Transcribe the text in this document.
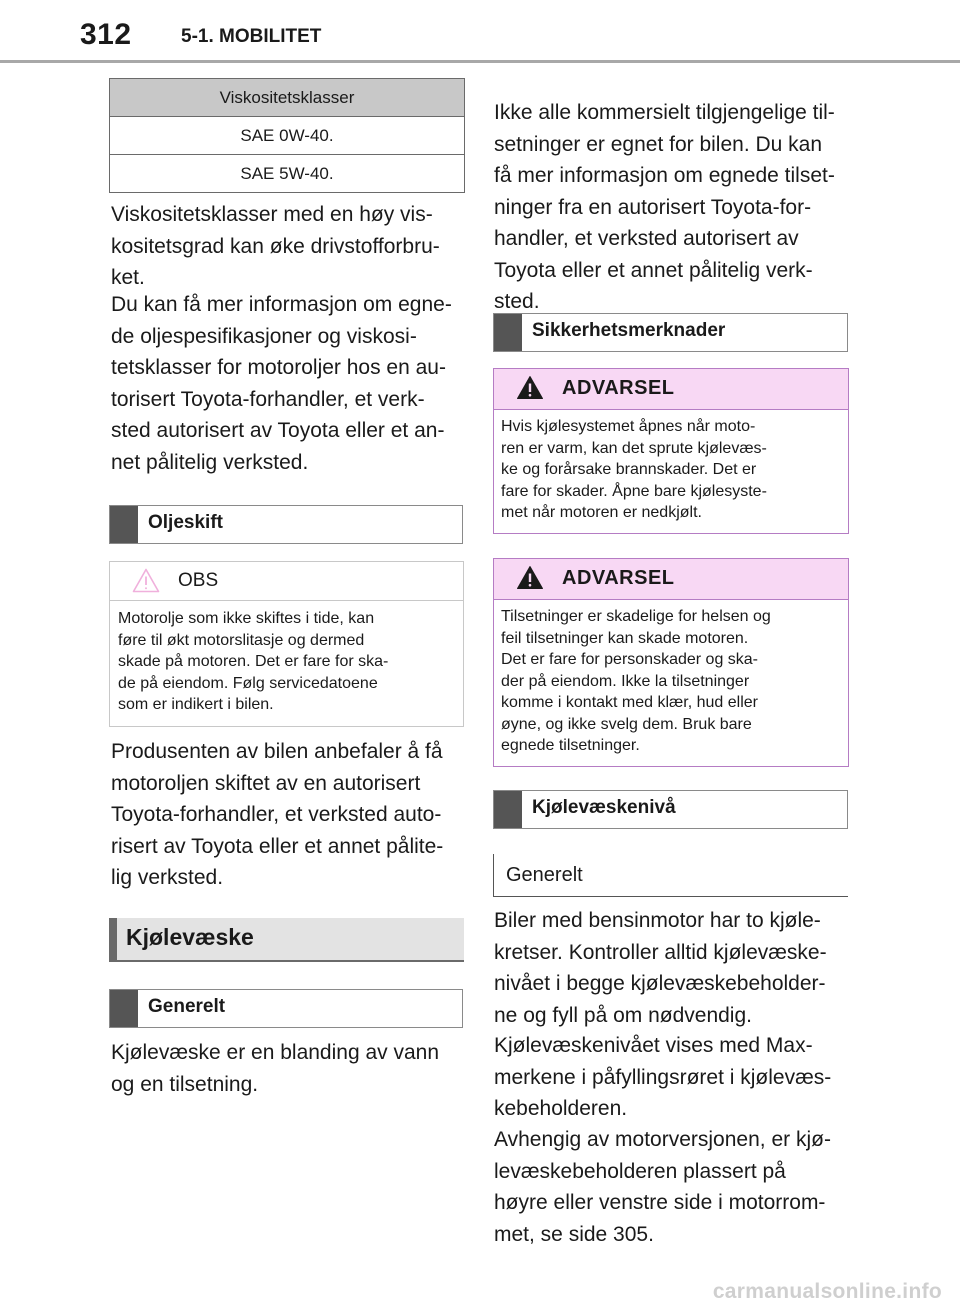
312	5-1. MOBILITET
Viskositetsklasser
SAE 0W-40.
SAE 5W-40.
Viskositetsklasser med en høy vis-
kositetsgrad kan øke drivstofforbru-
ket.
Du kan få mer informasjon om egne-
de oljespesifikasjoner og viskosi-
tetsklasser for motoroljer hos en au-
torisert Toyota-forhandler, et verk-
sted autorisert av Toyota eller et an-
net pålitelig verksted.
Oljeskift
OBS
Motorolje som ikke skiftes i tide, kan
føre til økt motorslitasje og dermed
skade på motoren. Det er fare for ska-
de på eiendom. Følg servicedatoene
som er indikert i bilen.
Produsenten av bilen anbefaler å få
motoroljen skiftet av en autorisert
Toyota-forhandler, et verksted auto-
risert av Toyota eller et annet pålite-
lig verksted.
Kjølevæske
Generelt
Kjølevæske er en blanding av vann
og en tilsetning.
Ikke alle kommersielt tilgjengelige til-
setninger er egnet for bilen. Du kan
få mer informasjon om egnede tilset-
ninger fra en autorisert Toyota-for-
handler, et verksted autorisert av
Toyota eller et annet pålitelig verk-
sted.
Sikkerhetsmerknader
ADVARSEL
Hvis kjølesystemet åpnes når moto-
ren er varm, kan det sprute kjølevæs-
ke og forårsake brannskader. Det er
fare for skader. Åpne bare kjølesyste-
met når motoren er nedkjølt.
ADVARSEL
Tilsetninger er skadelige for helsen og
feil tilsetninger kan skade motoren.
Det er fare for personskader og ska-
der på eiendom. Ikke la tilsetninger
komme i kontakt med klær, hud eller
øyne, og ikke svelg dem. Bruk bare
egnede tilsetninger.
Kjølevæskenivå
Generelt
Biler med bensinmotor har to kjøle-
kretser. Kontroller alltid kjølevæske-
nivået i begge kjølevæskebeholder-
ne og fyll på om nødvendig.
Kjølevæskenivået vises med Max-
merkene i påfyllingsrøret i kjølevæs-
kebeholderen.
Avhengig av motorversjonen, er kjø-
levæskebeholderen plassert på
høyre eller venstre side i motorrom-
met, se side 305.
carmanualsonline.info
